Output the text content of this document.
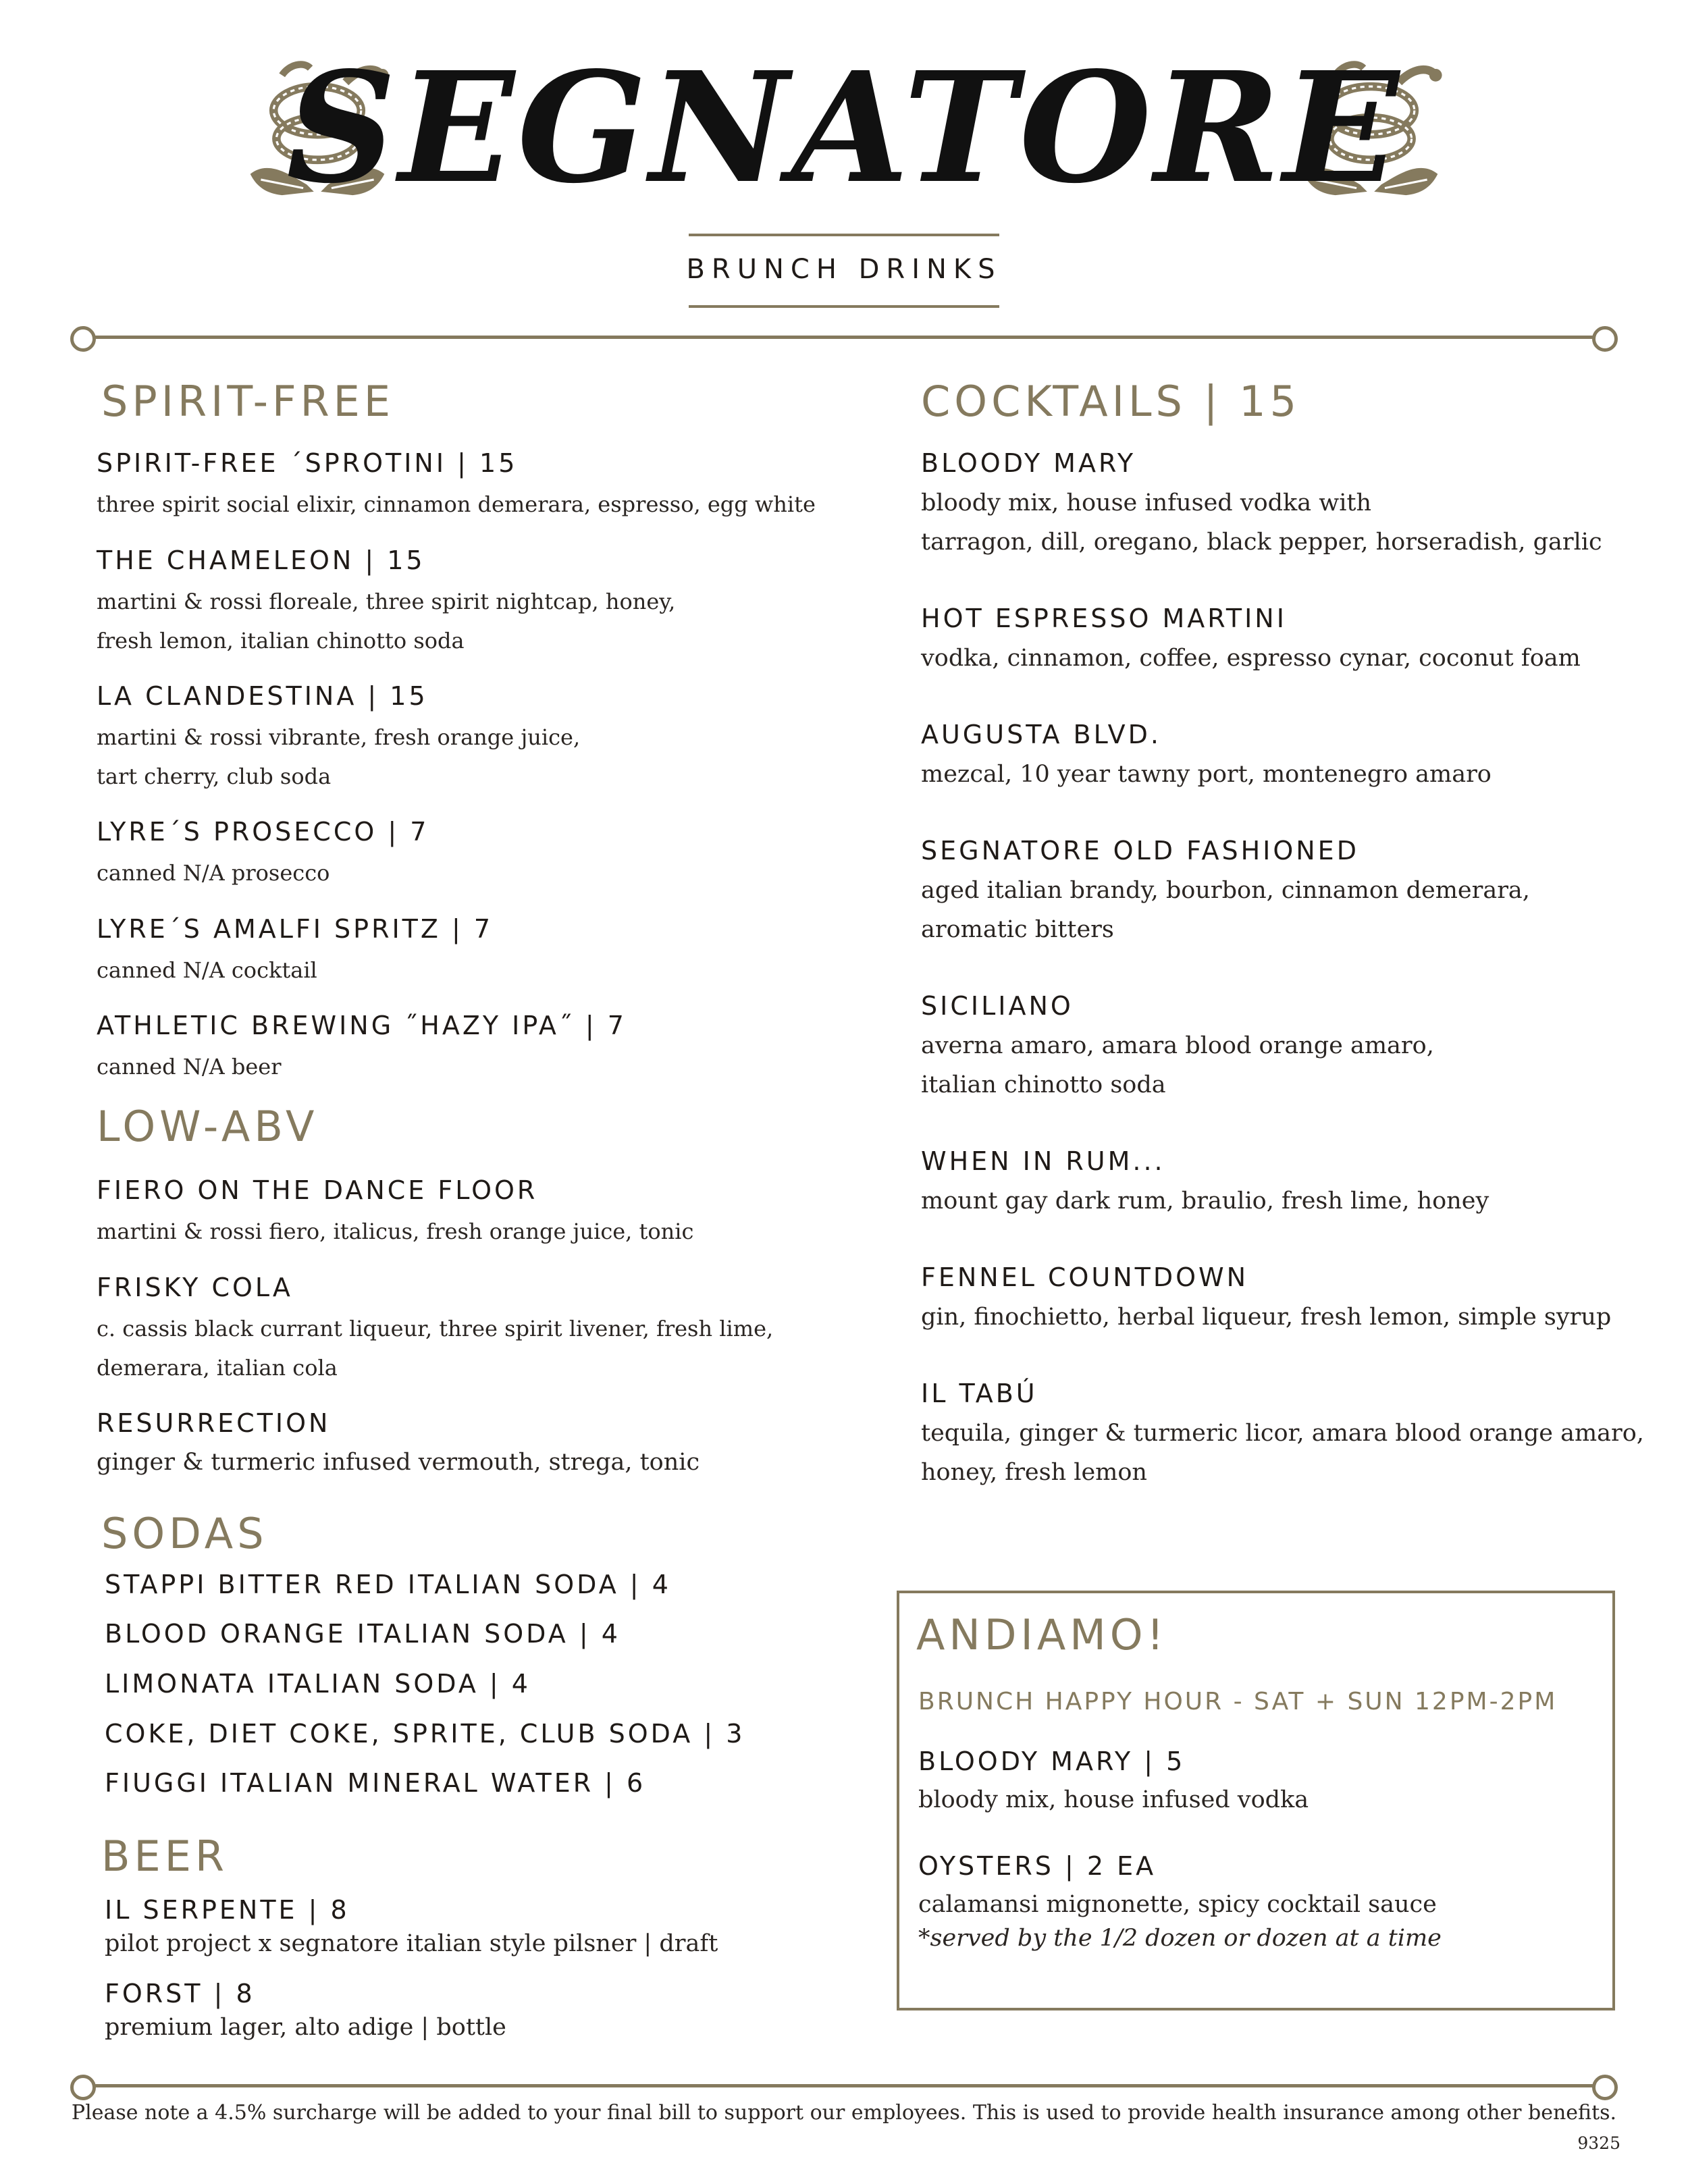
SEGNATORE
BRUNCH DRINKS
SPIRIT-FREE
SPIRIT-FREE ´SPROTINI | 15
three spirit social elixir, cinnamon demerara, espresso, egg white
THE CHAMELEON | 15
martini & rossi floreale, three spirit nightcap, honey,
fresh lemon, italian chinotto soda
LA CLANDESTINA | 15
martini & rossi vibrante, fresh orange juice,
tart cherry, club soda
LYRE´S PROSECCO | 7
canned N/A prosecco
LYRE´S AMALFI SPRITZ | 7
canned N/A cocktail
ATHLETIC BREWING ˝HAZY IPA˝ | 7
canned N/A beer
LOW-ABV
FIERO ON THE DANCE FLOOR
martini & rossi fiero, italicus, fresh orange juice, tonic
FRISKY COLA
c. cassis black currant liqueur, three spirit livener, fresh lime,
demerara, italian cola
RESURRECTION
ginger & turmeric infused vermouth, strega, tonic
SODAS
STAPPI BITTER RED ITALIAN SODA | 4
BLOOD ORANGE ITALIAN SODA | 4
LIMONATA ITALIAN SODA | 4
COKE, DIET COKE, SPRITE, CLUB SODA | 3
FIUGGI ITALIAN MINERAL WATER | 6
BEER
IL SERPENTE | 8
pilot project x segnatore italian style pilsner | draft
FORST | 8
premium lager, alto adige | bottle
COCKTAILS | 15
BLOODY MARY
bloody mix, house infused vodka with
tarragon, dill, oregano, black pepper, horseradish, garlic
HOT ESPRESSO MARTINI
vodka, cinnamon, coffee, espresso cynar, coconut foam
AUGUSTA BLVD.
mezcal, 10 year tawny port, montenegro amaro
SEGNATORE OLD FASHIONED
aged italian brandy, bourbon, cinnamon demerara,
aromatic bitters
SICILIANO
averna amaro, amara blood orange amaro,
italian chinotto soda
WHEN IN RUM...
mount gay dark rum, braulio, fresh lime, honey
FENNEL COUNTDOWN
gin, finochietto, herbal liqueur, fresh lemon, simple syrup
IL TABÚ
tequila, ginger & turmeric licor, amara blood orange amaro,
honey, fresh lemon
ANDIAMO!
BRUNCH HAPPY HOUR - SAT + SUN 12PM-2PM
BLOODY MARY | 5
bloody mix, house infused vodka
OYSTERS | 2 EA
calamansi mignonette, spicy cocktail sauce
*served by the 1/2 dozen or dozen at a time
Please note a 4.5% surcharge will be added to your final bill to support our employees. This is used to provide health insurance among other benefits.
9325
